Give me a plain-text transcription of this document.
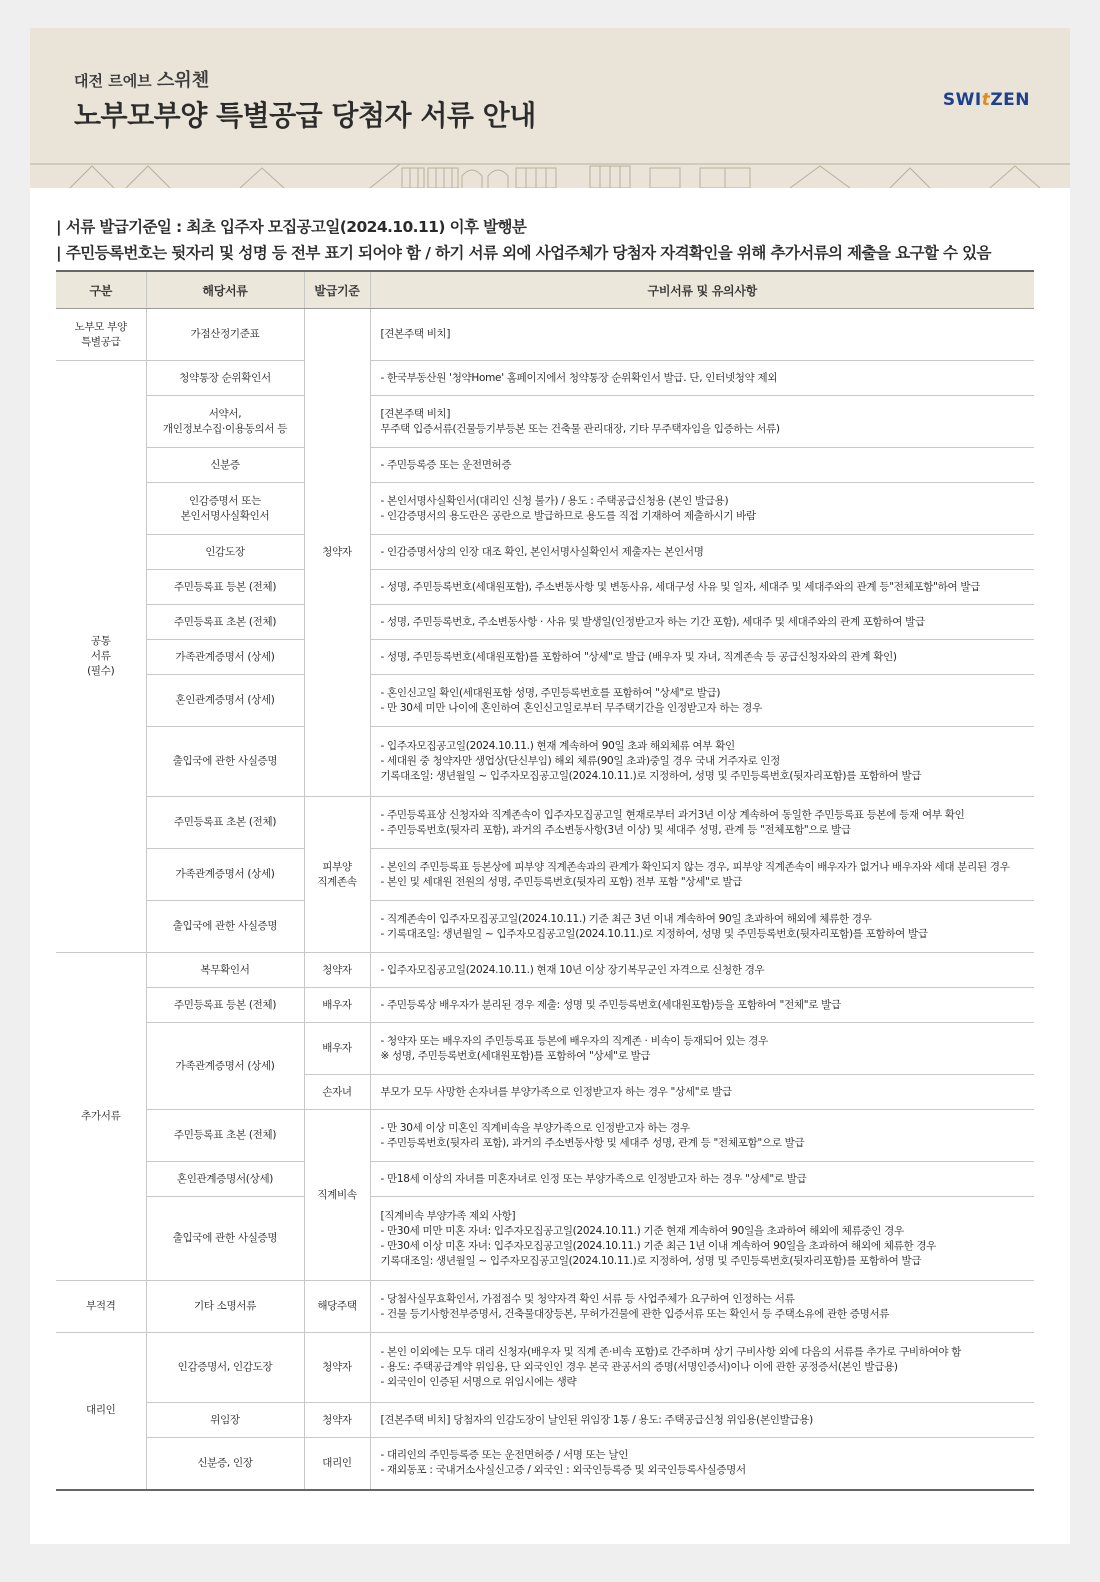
대전 르에브 스위첸
노부모부양 특별공급 당첨자 서류 안내	SWItZEN
| 서류 발급기준일 : 최초 입주자 모집공고일(2024.10.11) 이후 발행분
| 주민등록번호는 뒷자리 및 성명 등 전부 표기 되어야 함 / 하기 서류 외에 사업주체가 당첨자 자격확인을 위해 추가서류의 제출을 요구할 수 있음
구분	해당서류	발급기준	구비서류 및 유의사항
노부모 부양
특별공급	가점산정기준표	청약자	[견본주택 비치]
공통
서류
(필수)	청약통장 순위확인서		- 한국부동산원 '청약Home' 홈페이지에서 청약통장 순위확인서 발급. 단, 인터넷청약 제외
	서약서,
개인정보수집·이용동의서 등		[견본주택 비치]
무주택 입증서류(건물등기부등본 또는 건축물 관리대장, 기타 무주택자임을 입증하는 서류)
	신분증		- 주민등록증 또는 운전면허증
	인감증명서 또는
본인서명사실확인서		- 본인서명사실확인서(대리인 신청 불가) / 용도 : 주택공급신청용 (본인 발급용)
- 인감증명서의 용도란은 공란으로 발급하므로 용도를 직접 기재하여 제출하시기 바람
	인감도장		- 인감증명서상의 인장 대조 확인, 본인서명사실확인서 제출자는 본인서명
	주민등록표 등본 (전체)		- 성명, 주민등록번호(세대원포함), 주소변동사항 및 변동사유, 세대구성 사유 및 일자, 세대주 및 세대주와의 관계 등"전체포함"하여 발급
	주민등록표 초본 (전체)		- 성명, 주민등록번호, 주소변동사항 · 사유 및 발생일(인정받고자 하는 기간 포함), 세대주 및 세대주와의 관계 포함하여 발급
	가족관계증명서 (상세)		- 성명, 주민등록번호(세대원포함)를 포함하여 "상세"로 발급 (배우자 및 자녀, 직계존속 등 공급신청자와의 관계 확인)
	혼인관계증명서 (상세)		- 혼인신고일 확인(세대원포함 성명, 주민등록번호를 포함하여 "상세"로 발급)
- 만 30세 미만 나이에 혼인하여 혼인신고일로부터 무주택기간을 인정받고자 하는 경우
	출입국에 관한 사실증명		- 입주자모집공고일(2024.10.11.) 현재 계속하여 90일 초과 해외체류 여부 확인
- 세대원 중 청약자만 생업상(단신부임) 해외 체류(90일 초과)중일 경우 국내 거주자로 인정
기록대조일: 생년월일 ~ 입주자모집공고일(2024.10.11.)로 지정하여, 성명 및 주민등록번호(뒷자리포함)를 포함하여 발급
	주민등록표 초본 (전체)	피부양
직계존속	- 주민등록표상 신청자와 직계존속이 입주자모집공고일 현재로부터 과거3년 이상 계속하여 동일한 주민등록표 등본에 등재 여부 확인
- 주민등록번호(뒷자리 포함), 과거의 주소변동사항(3년 이상) 및 세대주 성명, 관계 등 "전체포함"으로 발급
	가족관계증명서 (상세)		- 본인의 주민등록표 등본상에 피부양 직계존속과의 관계가 확인되지 않는 경우, 피부양 직계존속이 배우자가 없거나 배우자와 세대 분리된 경우
- 본인 및 세대원 전원의 성명, 주민등록번호(뒷자리 포함) 전부 포함 "상세"로 발급
	출입국에 관한 사실증명		- 직계존속이 입주자모집공고일(2024.10.11.) 기준 최근 3년 이내 계속하여 90일 초과하여 해외에 체류한 경우
- 기록대조일: 생년월일 ~ 입주자모집공고일(2024.10.11.)로 지정하여, 성명 및 주민등록번호(뒷자리포함)를 포함하여 발급
추가서류	복무확인서	청약자	- 입주자모집공고일(2024.10.11.) 현재 10년 이상 장기복무군인 자격으로 신청한 경우
	주민등록표 등본 (전체)	배우자	- 주민등록상 배우자가 분리된 경우 제출: 성명 및 주민등록번호(세대원포함)등을 포함하여 "전체"로 발급
	가족관계증명서 (상세)	배우자	- 청약자 또는 배우자의 주민등록표 등본에 배우자의 직계존 · 비속이 등재되어 있는 경우
※ 성명, 주민등록번호(세대원포함)를 포함하여 "상세"로 발급
		손자녀	부모가 모두 사망한 손자녀를 부양가족으로 인정받고자 하는 경우 "상세"로 발급
	주민등록표 초본 (전체)	직계비속	- 만 30세 이상 미혼인 직계비속을 부양가족으로 인정받고자 하는 경우
- 주민등록번호(뒷자리 포함), 과거의 주소변동사항 및 세대주 성명, 관계 등 "전체포함"으로 발급
	혼인관계증명서(상세)		- 만18세 이상의 자녀를 미혼자녀로 인정 또는 부양가족으로 인정받고자 하는 경우 "상세"로 발급
	출입국에 관한 사실증명		[직계비속 부양가족 제외 사항]
- 만30세 미만 미혼 자녀: 입주자모집공고일(2024.10.11.) 기준 현재 계속하여 90일을 초과하여 해외에 체류중인 경우
- 만30세 이상 미혼 자녀: 입주자모집공고일(2024.10.11.) 기준 최근 1년 이내 계속하여 90일을 초과하여 해외에 체류한 경우
기록대조일: 생년월일 ~ 입주자모집공고일(2024.10.11.)로 지정하여, 성명 및 주민등록번호(뒷자리포함)를 포함하여 발급
부적격	기타 소명서류	해당주택	- 당첨사실무효확인서, 가점점수 및 청약자격 확인 서류 등 사업주체가 요구하여 인정하는 서류
- 건물 등기사항전부증명서, 건축물대장등본, 무허가건물에 관한 입증서류 또는 확인서 등 주택소유에 관한 증명서류
대리인	인감증명서, 인감도장	청약자	- 본인 이외에는 모두 대리 신청자(배우자 및 직계 존·비속 포함)로 간주하며 상기 구비사항 외에 다음의 서류를 추가로 구비하여야 함
- 용도: 주택공급계약 위임용, 단 외국인인 경우 본국 관공서의 증명(서명인증서)이나 이에 관한 공정증서(본인 발급용)
- 외국인이 인증된 서명으로 위임시에는 생략
	위임장	청약자	[견본주택 비치] 당첨자의 인감도장이 날인된 위임장 1통 / 용도: 주택공급신청 위임용(본인발급용)
	신분증, 인장	대리인	- 대리인의 주민등록증 또는 운전면허증 / 서명 또는 날인
- 재외동포 : 국내거소사실신고증 / 외국인 : 외국인등록증 및 외국인등록사실증명서
